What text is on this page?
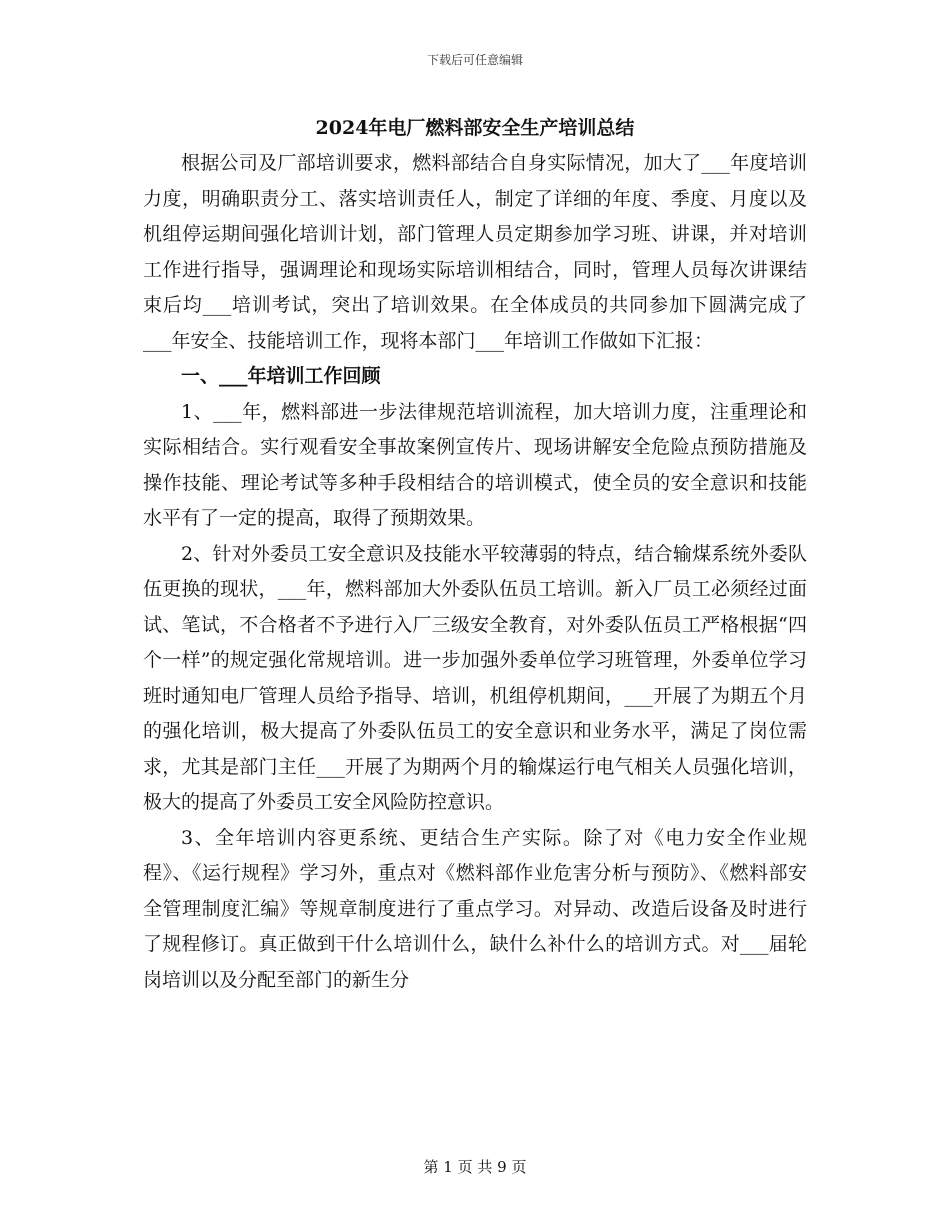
下载后可任意编辑
2024年电厂燃料部安全生产培训总结

根据公司及厂部培训要求，燃料部结合自身实际情况，加大了___年度培训力度，明确职责分工、落实培训责任人，制定了详细的年度、季度、月度以及机组停运期间强化培训计划，部门管理人员定期参加学习班、讲课，并对培训工作进行指导，强调理论和现场实际培训相结合，同时，管理人员每次讲课结束后均___培训考试，突出了培训效果。在全体成员的共同参加下圆满完成了___年安全、技能培训工作，现将本部门___年培训工作做如下汇报：

一、___年培训工作回顾

1、___年，燃料部进一步法律规范培训流程，加大培训力度，注重理论和实际相结合。实行观看安全事故案例宣传片、现场讲解安全危险点预防措施及操作技能、理论考试等多种手段相结合的培训模式，使全员的安全意识和技能水平有了一定的提高，取得了预期效果。

2、针对外委员工安全意识及技能水平较薄弱的特点，结合输煤系统外委队伍更换的现状，___年，燃料部加大外委队伍员工培训。新入厂员工必须经过面试、笔试，不合格者不予进行入厂三级安全教育，对外委队伍员工严格根据“四个一样”的规定强化常规培训。进一步加强外委单位学习班管理，外委单位学习班时通知电厂管理人员给予指导、培训，机组停机期间，___开展了为期五个月的强化培训，极大提高了外委队伍员工的安全意识和业务水平，满足了岗位需求，尤其是部门主任___开展了为期两个月的输煤运行电气相关人员强化培训，极大的提高了外委员工安全风险防控意识。

3、全年培训内容更系统、更结合生产实际。除了对《电力安全作业规程》、《运行规程》学习外，重点对《燃料部作业危害分析与预防》、《燃料部安全管理制度汇编》等规章制度进行了重点学习。对异动、改造后设备及时进行了规程修订。真正做到干什么培训什么，缺什么补什么的培训方式。对___届轮岗培训以及分配至部门的新生分

第 1 页 共 9 页
